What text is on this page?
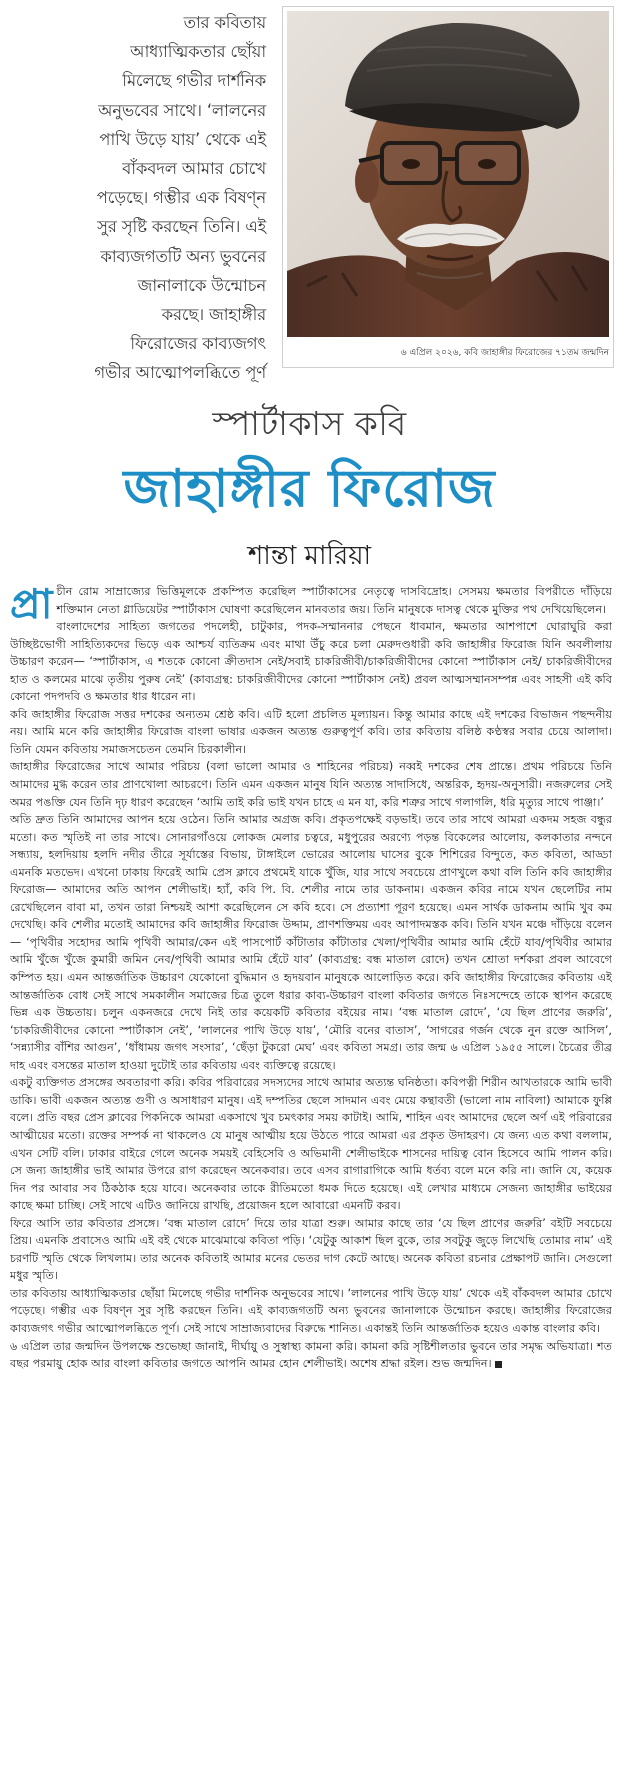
তার কবিতায়
আধ্যাত্মিকতার ছোঁয়া
মিলেছে গভীর দার্শনিক
অনুভবের সাথে। ‘লালনের
পাখি উড়ে যায়’ থেকে এই
বাঁকবদল আমার চোখে
পড়েছে। গম্ভীর এক বিষণ্ন
সুর সৃষ্টি করছেন তিনি। এই
কাব্যজগতটি অন্য ভুবনের
জানালাকে উন্মোচন
করছে। জাহাঙ্গীর
ফিরোজের কাব্যজগৎ
গভীর আত্মোপলব্ধিতে পূর্ণ
৬ এপ্রিল ২০২৬, কবি জাহাঙ্গীর ফিরোজের ৭১তম জন্মদিন
স্পার্টাকাস কবি
জাহাঙ্গীর ফিরোজ
শান্তা মারিয়া

প্রা চীন রোম সাম্রাজ্যের ভিত্তিমূলকে প্রকম্পিত করেছিল স্পার্টাকাসের নেতৃত্বে দাসবিদ্রোহ। সেসময় ক্ষমতার বিপরীতে দাঁড়িয়ে শক্তিমান নেতা গ্লাডিয়েটর স্পার্টাকাস ঘোষণা করেছিলেন মানবতার জয়। তিনি মানুষকে দাসত্ব থেকে মুক্তির পথ দেখিয়েছিলেন।

বাংলাদেশের সাহিত্য জগতের পদলেহী, চাটুকার, পদক-সম্মাননার পেছনে ধাবমান, ক্ষমতার আশপাশে ঘোরাঘুরি করা উচ্ছিষ্টভোগী সাহিত্যিকদের ভিড়ে এক আশ্চর্য ব্যতিক্রম এবং মাথা উঁচু করে চলা মেরুদণ্ডধারী কবি জাহাঙ্গীর ফিরোজ যিনি অবলীলায় উচ্চারণ করেন— ‘স্পার্টাকাস, এ শতকে কোনো ক্রীতদাস নেই/সবাই চাকরিজীবী/চাকরিজীবীদের কোনো স্পার্টাকাস নেই/ চাকরিজীবীদের হাত ও কলমের মাঝে তৃতীয় পুরুষ নেই’ (কাব্যগ্রন্থ: চাকরিজীবীদের কোনো স্পার্টাকাস নেই) প্রবল আত্মসম্মানসম্পন্ন এবং সাহসী এই কবি কোনো পদপদবি ও ক্ষমতার ধার ধারেন না।

কবি জাহাঙ্গীর ফিরোজ সত্তর দশকের অন্যতম শ্রেষ্ঠ কবি। এটি হলো প্রচলিত মূল্যায়ন। কিন্তু আমার কাছে এই দশকের বিভাজন পছন্দনীয় নয়। আমি মনে করি জাহাঙ্গীর ফিরোজ বাংলা ভাষার একজন অত্যন্ত গুরুত্বপূর্ণ কবি। তার কবিতায় বলিষ্ঠ কণ্ঠস্বর সবার চেয়ে আলাদা। তিনি যেমন কবিতায় সমাজসচেতন তেমনি চিরকালীন।

জাহাঙ্গীর ফিরোজের সাথে আমার পরিচয় (বলা ভালো আমার ও শাহিনের পরিচয়) নব্বই দশকের শেষ প্রান্তে। প্রথম পরিচয়ে তিনি আমাদের মুগ্ধ করেন তার প্রাণখোলা আচরণে। তিনি এমন একজন মানুষ যিনি অত্যন্ত সাদাসিধে, অন্তরিক, হৃদয়-অনুসারী। নজরুলের সেই অমর পঙক্তি যেন তিনি দৃঢ় ধারণ করেছেন ‘আমি তাই করি ভাই যখন চাহে এ মন যা, করি শত্রুর সাথে গলাগলি, ধরি মৃত্যুর সাথে পাঞ্জা।’

অতি দ্রুত তিনি আমাদের আপন হয়ে ওঠেন। তিনি আমার অগ্রজ কবি। প্রকৃতপক্ষেই বড়ভাই। তবে তার সাথে আমরা একদম সহজ বন্ধুর মতো। কত স্মৃতিই না তার সাথে। সোনারগাঁওয়ে লোকজ মেলার চত্বরে, মধুপুরের অরণ্যে পড়ন্ত বিকেলের আলোয়, কলকাতার নন্দনে সন্ধ্যায়, হলদিয়ায় হলদি নদীর তীরে সূর্যাস্তের বিভায়, টাঙ্গাইলে ভোরের আলোয় ঘাসের বুকে শিশিরের বিন্দুতে, কত কবিতা, আড্ডা এমনকি মতভেদ। এখনো ঢাকায় ফিরেই আমি প্রেস ক্লাবে প্রথমেই যাকে খুঁজি, যার সাথে সবচেয়ে প্রাণখুলে কথা বলি তিনি কবি জাহাঙ্গীর ফিরোজ— আমাদের অতি আপন শেলীভাই। হ্যাঁ, কবি পি. বি. শেলীর নামে তার ডাকনাম। একজন কবির নামে যখন ছেলেটির নাম রেখেছিলেন বাবা মা, তখন তারা নিশ্চয়ই আশা করেছিলেন সে কবি হবে। সে প্রত্যাশা পূরণ হয়েছে। এমন সার্থক ডাকনাম আমি খুব কম দেখেছি। কবি শেলীর মতোই আমাদের কবি জাহাঙ্গীর ফিরোজ উদ্দাম, প্রাণশক্তিময় এবং আপাদমস্তক কবি। তিনি যখন মঞ্চে দাঁড়িয়ে বলেন— ‘পৃথিবীর সহোদর আমি পৃথিবী আমার/কেন এই পাসপোর্ট কাঁটাতার কাঁটাতার খেলা/পৃথিবীর আমার আমি হেঁটে যাব/পৃথিবীর আমার আমি খুঁজে খুঁজে কুমারী জমিন নেব/পৃথিবী আমার আমি হেঁটে যাব’ (কাব্যগ্রন্থ: বন্ধ মাতাল রোদে) তখন শ্রোতা দর্শকরা প্রবল আবেগে কম্পিত হয়। এমন আন্তর্জাতিক উচ্চারণ যেকোনো বুদ্ধিমান ও হৃদয়বান মানুষকে আলোড়িত করে। কবি জাহাঙ্গীর ফিরোজের কবিতায় এই আন্তর্জাতিক বোধ সেই সাথে সমকালীন সমাজের চিত্র তুলে ধরার কাব্য-উচ্চারণ বাংলা কবিতার জগতে নিঃসন্দেহে তাকে স্থাপন করেছে ভিন্ন এক উচ্চতায়। চলুন একনজরে দেখে নিই তার কয়েকটি কবিতার বইয়ের নাম। ‘বন্ধ মাতাল রোদে’, ‘যে ছিল প্রাণের জরুরি’, ‘চাকরিজীবীদের কোনো স্পার্টাকাস নেই’, ‘লালনের পাখি উড়ে যায়’, ‘মৌরি বনের বাতাস’, ‘সাগরের গর্জন থেকে নুন রক্তে আসিল’, ‘সন্ন্যাসীর বাঁশির আগুন’, ‘ধাঁধাময় জগৎ সংসার’, ‘ছেঁড়া টুকরো মেঘ’ এবং কবিতা সমগ্র। তার জন্ম ৬ এপ্রিল ১৯৫৫ সালে। চৈত্রের তীব্র দাহ এবং বসন্তের মাতাল হাওয়া দুটোই তার কবিতায় এবং ব্যক্তিত্বে রয়েছে।

একটু ব্যক্তিগত প্রসঙ্গের অবতারণা করি। কবির পরিবারের সদস্যদের সাথে আমার অত্যন্ত ঘনিষ্ঠতা। কবিপত্নী শিরীন আখতারকে আমি ভাবী ডাকি। ভাবী একজন অত্যন্ত গুণী ও অসাধারণ মানুষ। এই দম্পতির ছেলে সাদমান এবং মেয়ে কন্থাবতী (ভালো নাম নাবিলা) আমাকে ফুপ্পি বলে। প্রতি বছর প্রেস ক্লাবের পিকনিকে আমরা একসাথে খুব চমৎকার সময় কাটাই। আমি, শাহিন এবং আমাদের ছেলে অর্ণ এই পরিবারের আত্মীয়ের মতো। রক্তের সম্পর্ক না থাকলেও যে মানুষ আত্মীয় হয়ে উঠতে পারে আমরা এর প্রকৃত উদাহরণ। যে জন্য এত কথা বললাম, এখন সেটি বলি। ঢাকার বাইরে গেলে অনেক সময়ই বেহিসেবি ও অভিমানী শেলীভাইকে শাসনের দায়িত্ব বোন হিসেবে আমি পালন করি। সে জন্য জাহাঙ্গীর ভাই আমার উপরে রাগ করেছেন অনেকবার। তবে এসব রাগারাগিকে আমি ধর্তব্য বলে মনে করি না। জানি যে, কয়েক দিন পর আবার সব ঠিকঠাক হয়ে যাবে। অনেকবার তাকে রীতিমতো ধমক দিতে হয়েছে। এই লেখার মাধ্যমে সেজন্য জাহাঙ্গীর ভাইয়ের কাছে ক্ষমা চাচ্ছি। সেই সাথে এটিও জানিয়ে রাখছি, প্রয়োজন হলে আবারো এমনটি করব।

ফিরে আসি তার কবিতার প্রসঙ্গে। ‘বন্ধ মাতাল রোদে’ দিয়ে তার যাত্রা শুরু। আমার কাছে তার ‘যে ছিল প্রাণের জরুরি’ বইটি সবচেয়ে প্রিয়। এমনকি প্রবাসেও আমি এই বই থেকে মাঝেমাঝে কবিতা পড়ি। ‘যেটুকু আকাশ ছিল বুকে, তার সবটুকু জুড়ে লিখেছি তোমার নাম’ এই চরণটি স্মৃতি থেকে লিখলাম। তার অনেক কবিতাই আমার মনের ভেতর দাগ কেটে আছে। অনেক কবিতা রচনার প্রেক্ষাপট জানি। সেগুলো মধুর স্মৃতি।

তার কবিতায় আধ্যাত্মিকতার ছোঁয়া মিলেছে গভীর দার্শনিক অনুভবের সাথে। ‘লালনের পাখি উড়ে যায়’ থেকে এই বাঁকবদল আমার চোখে পড়েছে। গম্ভীর এক বিষণ্ন সুর সৃষ্টি করছেন তিনি। এই কাব্যজগতটি অন্য ভুবনের জানালাকে উন্মোচন করছে। জাহাঙ্গীর ফিরোজের কাব্যজগৎ গভীর আত্মোপলব্ধিতে পূর্ণ। সেই সাথে সাম্রাজ্যবাদের বিরুদ্ধে শানিত। একান্তই তিনি আন্তর্জাতিক হয়েও একান্ত বাংলার কবি।

৬ এপ্রিল তার জন্মদিন উপলক্ষে শুভেচ্ছা জানাই, দীর্ঘায়ু ও সুস্বাস্থ্য কামনা করি। কামনা করি সৃষ্টিশীলতার ভুবনে তার সমৃদ্ধ অভিযাত্রা। শত বছর পরমায়ু হোক আর বাংলা কবিতার জগতে আপনি আমর হোন শেলীভাই। অশেষ শ্রদ্ধা রইল। শুভ জন্মদিন।
